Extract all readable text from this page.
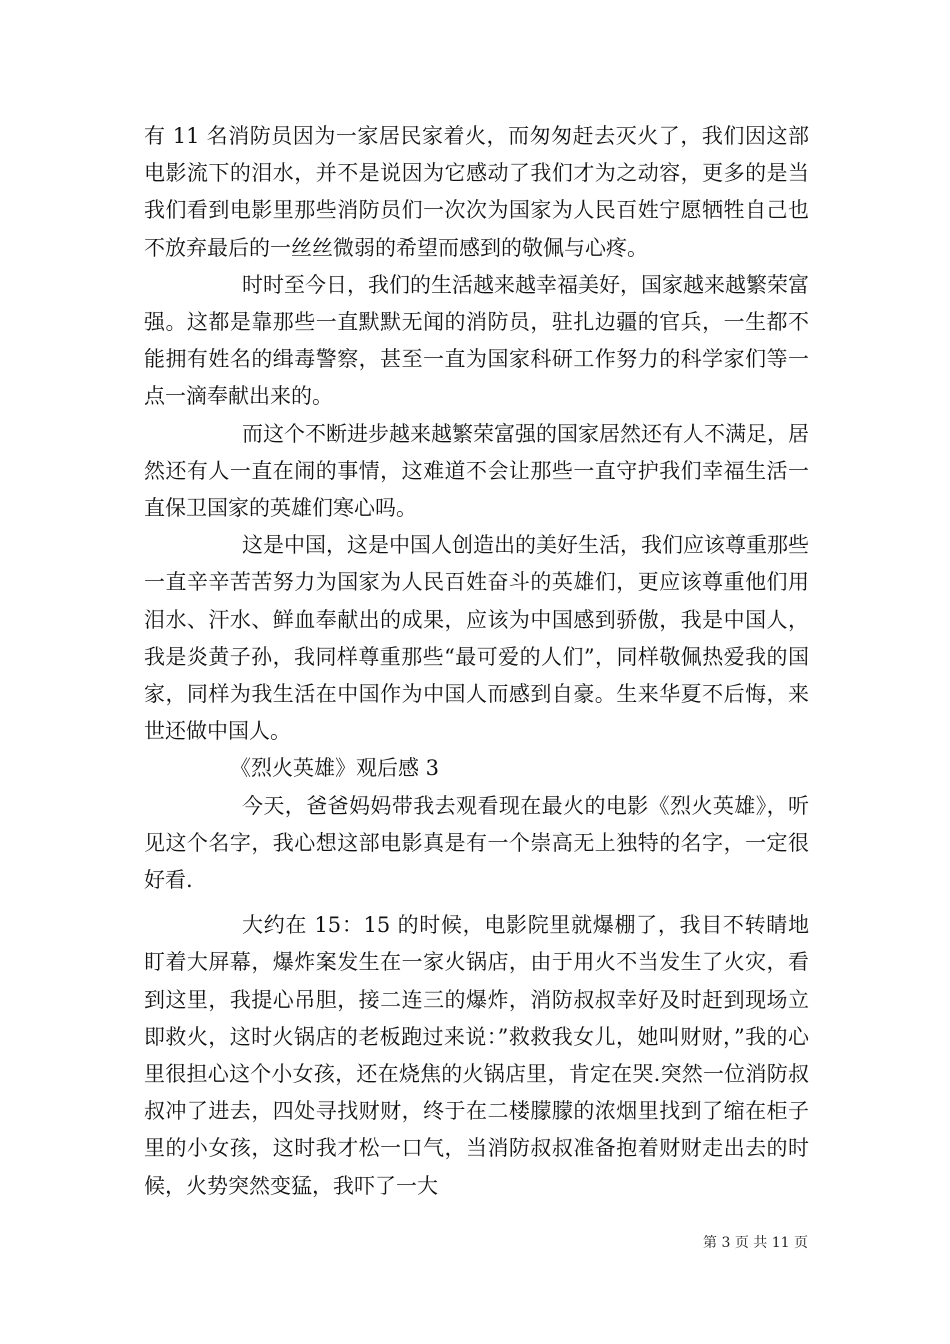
有 11 名消防员因为一家居民家着火，而匆匆赶去灭火了，我们因这部电影流下的泪水，并不是说因为它感动了我们才为之动容，更多的是当我们看到电影里那些消防员们一次次为国家为人民百姓宁愿牺牲自己也不放弃最后的一丝丝微弱的希望而感到的敬佩与心疼。

时时至今日，我们的生活越来越幸福美好，国家越来越繁荣富强。这都是靠那些一直默默无闻的消防员，驻扎边疆的官兵，一生都不能拥有姓名的缉毒警察，甚至一直为国家科研工作努力的科学家们等一点一滴奉献出来的。

而这个不断进步越来越繁荣富强的国家居然还有人不满足，居然还有人一直在闹的事情，这难道不会让那些一直守护我们幸福生活一直保卫国家的英雄们寒心吗。

这是中国，这是中国人创造出的美好生活，我们应该尊重那些一直辛辛苦苦努力为国家为人民百姓奋斗的英雄们，更应该尊重他们用泪水、汗水、鲜血奉献出的成果，应该为中国感到骄傲，我是中国人，我是炎黄子孙，我同样尊重那些“最可爱的人们”，同样敬佩热爱我的国家，同样为我生活在中国作为中国人而感到自豪。生来华夏不后悔，来世还做中国人。

《烈火英雄》观后感 3

今天，爸爸妈妈带我去观看现在最火的电影《烈火英雄》，听见这个名字，我心想这部电影真是有一个崇高无上独特的名字，一定很好看.

大约在 15：15 的时候，电影院里就爆棚了，我目不转睛地盯着大屏幕，爆炸案发生在一家火锅店，由于用火不当发生了火灾，看到这里，我提心吊胆，接二连三的爆炸，消防叔叔幸好及时赶到现场立即救火，这时火锅店的老板跑过来说：”救救我女儿，她叫财财，”我的心里很担心这个小女孩，还在烧焦的火锅店里，肯定在哭.突然一位消防叔叔冲了进去，四处寻找财财，终于在二楼朦朦的浓烟里找到了缩在柜子里的小女孩，这时我才松一口气，当消防叔叔准备抱着财财走出去的时候，火势突然变猛，我吓了一大

第 3 页 共 11 页
